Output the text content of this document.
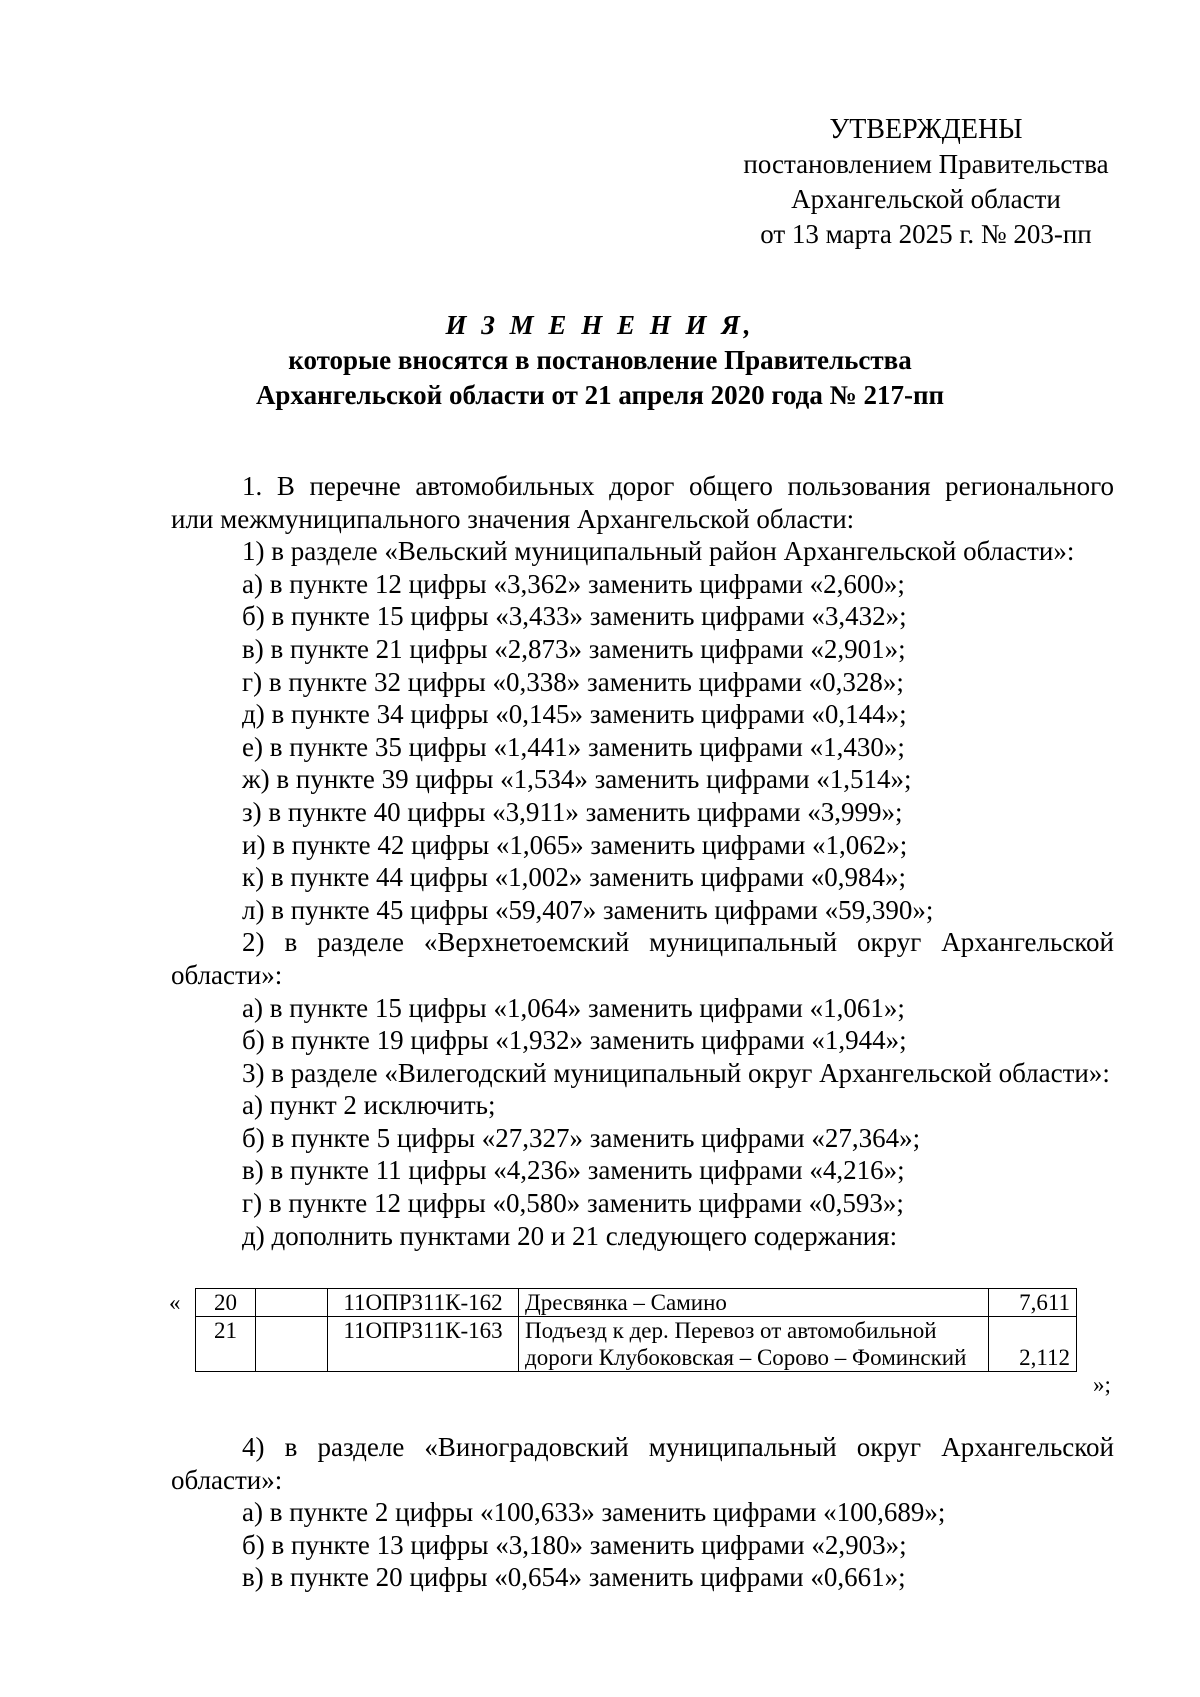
УТВЕРЖДЕНЫ
постановлением Правительства
Архангельской области
от 13 марта 2025 г. № 203-пп
И З М Е Н Е Н И Я,
которые вносятся в постановление Правительства
Архангельской области от 21 апреля 2020 года № 217-пп

1. В перечне автомобильных дорог общего пользования регионального

или межмуниципального значения Архангельской области:

1) в разделе «Вельский муниципальный район Архангельской области»:

а) в пункте 12 цифры «3,362» заменить цифрами «2,600»;

б) в пункте 15 цифры «3,433» заменить цифрами «3,432»;

в) в пункте 21 цифры «2,873» заменить цифрами «2,901»;

г) в пункте 32 цифры «0,338» заменить цифрами «0,328»;

д) в пункте 34 цифры «0,145» заменить цифрами «0,144»;

е) в пункте 35 цифры «1,441» заменить цифрами «1,430»;

ж) в пункте 39 цифры «1,534» заменить цифрами «1,514»;

з) в пункте 40 цифры «3,911» заменить цифрами «3,999»;

и) в пункте 42 цифры «1,065» заменить цифрами «1,062»;

к) в пункте 44 цифры «1,002» заменить цифрами «0,984»;

л) в пункте 45 цифры «59,407» заменить цифрами «59,390»;

2) в разделе «Верхнетоемский муниципальный округ Архангельской

области»:

а) в пункте 15 цифры «1,064» заменить цифрами «1,061»;

б) в пункте 19 цифры «1,932» заменить цифрами «1,944»;

3) в разделе «Вилегодский муниципальный округ Архангельской области»:

а) пункт 2 исключить;

б) в пункте 5 цифры «27,327» заменить цифрами «27,364»;

в) в пункте 11 цифры «4,236» заменить цифрами «4,216»;

г) в пункте 12 цифры «0,580» заменить цифрами «0,593»;

д) дополнить пунктами 20 и 21 следующего содержания:

« 20		11ОПР311К-162	Дресвянка – Самино	7,611
21		11ОПР311К-163	Подъезд к дер. Перевоз от автомобильной дороги Клубоковская – Сорово – Фоминский	2,112
»;

4) в разделе «Виноградовский муниципальный округ Архангельской

области»:

а) в пункте 2 цифры «100,633» заменить цифрами «100,689»;

б) в пункте 13 цифры «3,180» заменить цифрами «2,903»;

в) в пункте 20 цифры «0,654» заменить цифрами «0,661»;
